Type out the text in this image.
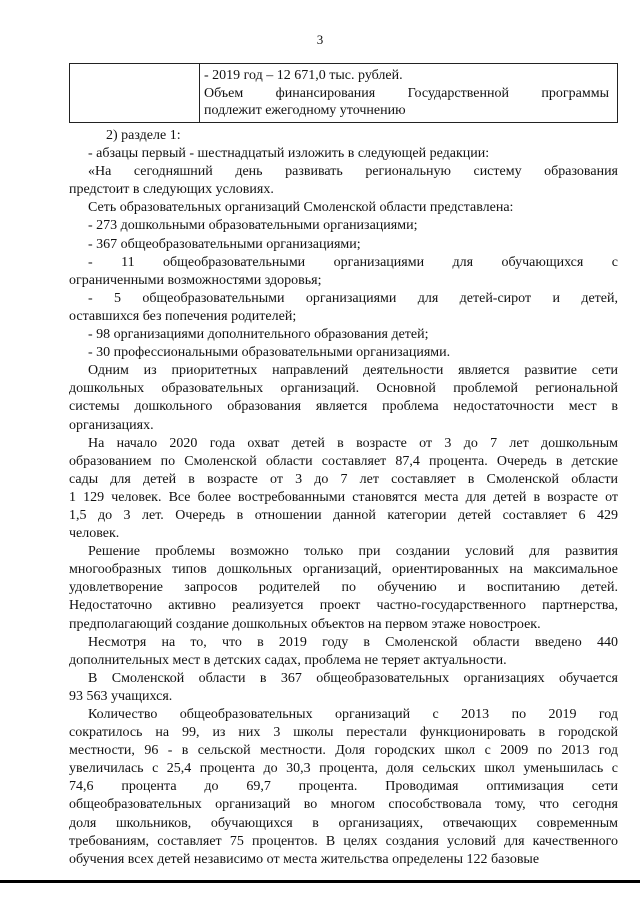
3
- 2019 год – 12 671,0 тыс. рублей.
Объем финансирования Государственной программы
подлежит ежегодному уточнению
2) разделе 1:
- абзацы первый - шестнадцатый изложить в следующей редакции:
«На сегодняшний день развивать региональную систему образования
предстоит в следующих условиях.
Сеть образовательных организаций Смоленской области представлена:
- 273 дошкольными образовательными организациями;
- 367 общеобразовательными организациями;
- 11 общеобразовательными организациями для обучающихся с
ограниченными возможностями здоровья;
- 5 общеобразовательными организациями для детей-сирот и детей,
оставшихся без попечения родителей;
- 98 организациями дополнительного образования детей;
- 30 профессиональными образовательными организациями.
Одним из приоритетных направлений деятельности является развитие сети
дошкольных образовательных организаций. Основной проблемой региональной
системы дошкольного образования является проблема недостаточности мест в
организациях.
На начало 2020 года охват детей в возрасте от 3 до 7 лет дошкольным
образованием по Смоленской области составляет 87,4 процента. Очередь в детские
сады для детей в возрасте от 3 до 7 лет составляет в Смоленской области
1 129 человек. Все более востребованными становятся места для детей в возрасте от
1,5 до 3 лет. Очередь в отношении данной категории детей составляет 6 429
человек.
Решение проблемы возможно только при создании условий для развития
многообразных типов дошкольных организаций, ориентированных на максимальное
удовлетворение запросов родителей по обучению и воспитанию детей.
Недостаточно активно реализуется проект частно-государственного партнерства,
предполагающий создание дошкольных объектов на первом этаже новостроек.
Несмотря на то, что в 2019 году в Смоленской области введено 440
дополнительных мест в детских садах, проблема не теряет актуальности.
В Смоленской области в 367 общеобразовательных организациях обучается
93 563 учащихся.
Количество общеобразовательных организаций с 2013 по 2019 год
сократилось на 99, из них 3 школы перестали функционировать в городской
местности, 96 - в сельской местности. Доля городских школ с 2009 по 2013 год
увеличилась с 25,4 процента до 30,3 процента, доля сельских школ уменьшилась с
74,6 процента до 69,7 процента. Проводимая оптимизация сети
общеобразовательных организаций во многом способствовала тому, что сегодня
доля школьников, обучающихся в организациях, отвечающих современным
требованиям, составляет 75 процентов. В целях создания условий для качественного
обучения всех детей независимо от места жительства определены 122 базовые
